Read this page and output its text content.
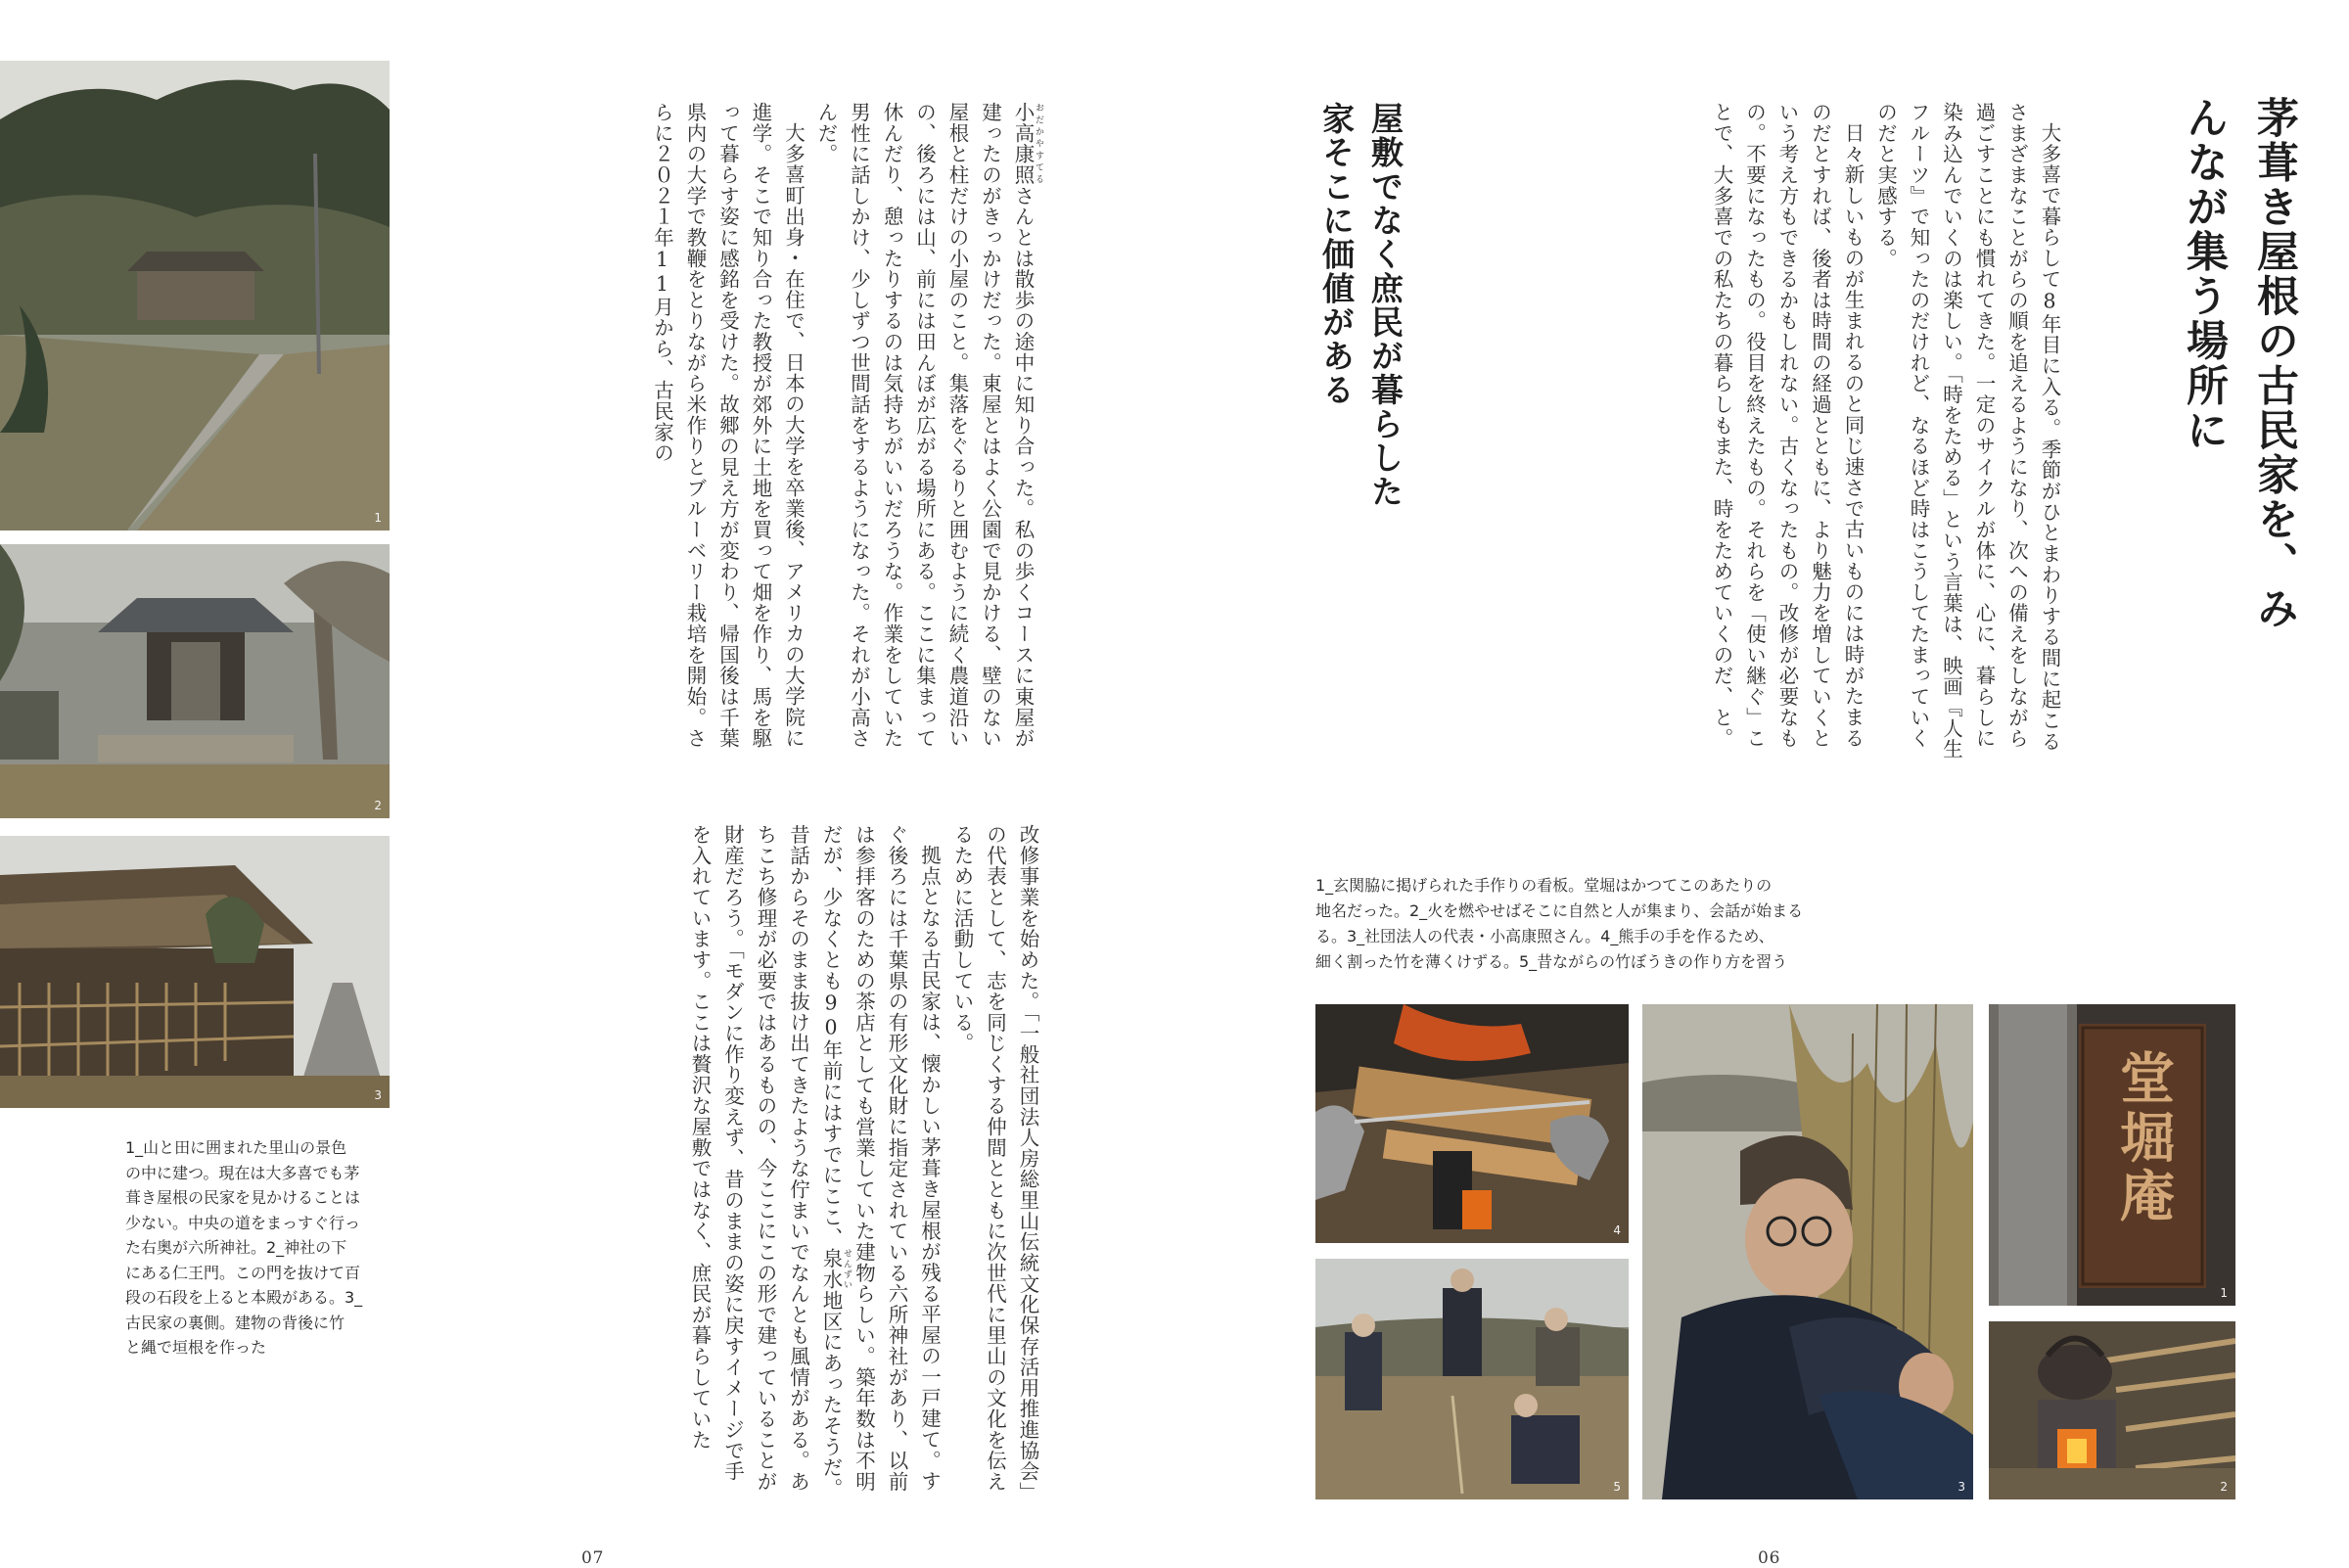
1
2
3
1_山と田に囲まれた里山の景色
の中に建つ。現在は大多喜でも茅
葺き屋根の民家を見かけることは
少ない。中央の道をまっすぐ行っ
た右奥が六所神社。2_神社の下
にある仁王門。この門を抜けて百
段の石段を上ると本殿がある。3_
古民家の裏側。建物の背後に竹
と縄で垣根を作った

小高康照 おだかやすてるさんとは散歩の途中に知り合った。私の歩くコースに東屋が建ったのがきっかけだった。東屋とはよく公園で見かける、壁のない屋根と柱だけの小屋のこと。集落をぐるりと囲むように続く農道沿いの、後ろには山、前には田んぼが広がる場所にある。ここに集まって休んだり、憩ったりするのは気持ちがいいだろうな。作業をしていた男性に話しかけ、少しずつ世間話をするようになった。それが小高さんだ。

大多喜町出身・在住で、日本の大学を卒業後、アメリカの大学院に進学。そこで知り合った教授が郊外に土地を買って畑を作り、馬を駆って暮らす姿に感銘を受けた。故郷の見え方が変わり、帰国後は千葉県内の大学で教鞭をとりながら米作りとブルーベリー栽培を開始。さらに２０２１年11月から、古民家の

改修事業を始めた。「一般社団法人房総里山伝統文化保存活用推進協会」の代表として、志を同じくする仲間とともに次世代に里山の文化を伝えるために活動している。

拠点となる古民家は、懐かしい茅葺き屋根が残る平屋の一戸建て。すぐ後ろには千葉県の有形文化財に指定されている六所神社があり、以前は参拝客のための茶店としても営業していた建物らしい。築年数は不明だが、少なくとも90年前にはすでにここ、泉水 せんずい地区にあったそうだ。昔話からそのまま抜け出てきたような佇まいでなんとも風情がある。あちこち修理が必要ではあるものの、今ここにこの形で建っていることが財産だろう。「モダンに作り変えず、昔のままの姿に戻すイメージで手を入れています。ここは贅沢な屋敷ではなく、庶民が暮らしていた

07
茅葺き屋根の古民家を、みんなが集う場所に

大多喜で暮らして8年目に入る。季節がひとまわりする間に起こるさまざまなことがらの順を追えるようになり、次への備えをしながら過ごすことにも慣れてきた。一定のサイクルが体に、心に、暮らしに染み込んでいくのは楽しい。「時をためる」という言葉は、映画『人生フルーツ』で知ったのだけれど、なるほど時はこうしてたまっていくのだと実感する。

日々新しいものが生まれるのと同じ速さで古いものには時がたまるのだとすれば、後者は時間の経過とともに、より魅力を増していくという考え方もできるかもしれない。古くなったもの。改修が必要なもの。不要になったもの。役目を終えたもの。それらを「使い継ぐ」ことで、大多喜での私たちの暮らしもまた、時をためていくのだ、と。

屋敷でなく庶民が暮らした家そこに価値がある
1_玄関脇に掲げられた手作りの看板。堂堀はかつてこのあたりの
地名だった。2_火を燃やせばそこに自然と人が集まり、会話が始まる
る。3_社団法人の代表・小高康照さん。4_熊手の手を作るため、
細く割った竹を薄くけずる。5_昔ながらの竹ぼうきの作り方を習う
4
5	3
堂堀庵
1
2
06
